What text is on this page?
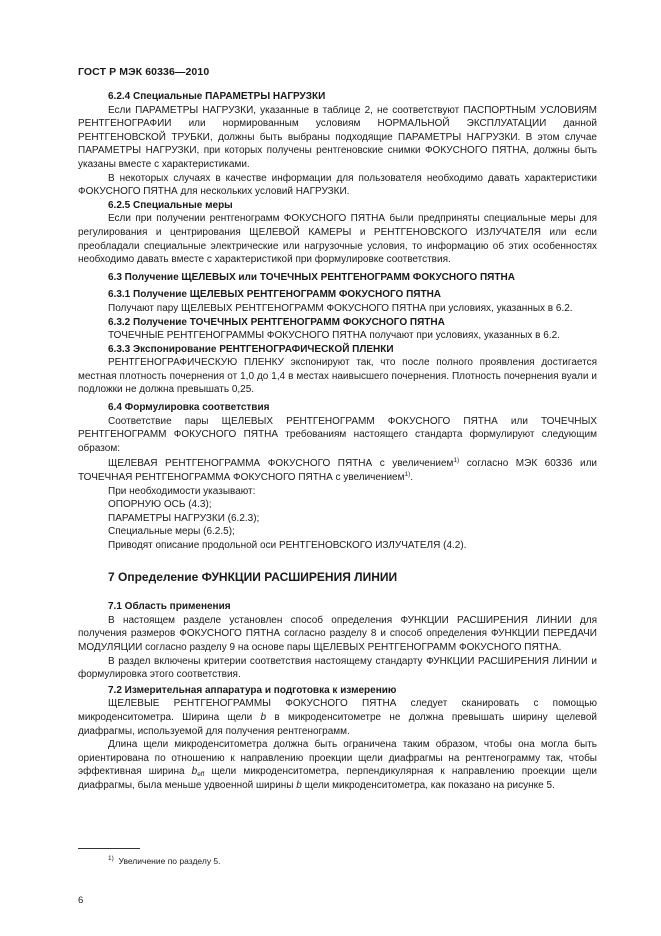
ГОСТ Р МЭК 60336—2010

6.2.4 Специальные ПАРАМЕТРЫ НАГРУЗКИ

Если ПАРАМЕТРЫ НАГРУЗКИ, указанные в таблице 2, не соответствуют ПАСПОРТНЫМ УСЛОВИЯМ РЕНТГЕНОГРАФИИ или нормированным условиям НОРМАЛЬНОЙ ЭКСПЛУАТАЦИИ данной РЕНТГЕНОВСКОЙ ТРУБКИ, должны быть выбраны подходящие ПАРАМЕТРЫ НАГРУЗКИ. В этом случае ПАРАМЕТРЫ НАГРУЗКИ, при которых получены рентгеновские снимки ФОКУСНОГО ПЯТНА, должны быть указаны вместе с характеристиками.

В некоторых случаях в качестве информации для пользователя необходимо давать характеристики ФОКУСНОГО ПЯТНА для нескольких условий НАГРУЗКИ.

6.2.5 Специальные меры

Если при получении рентгенограмм ФОКУСНОГО ПЯТНА были предприняты специальные меры для регулирования и центрирования ЩЕЛЕВОЙ КАМЕРЫ и РЕНТГЕНОВСКОГО ИЗЛУЧАТЕЛЯ или если преобладали специальные электрические или нагрузочные условия, то информацию об этих особенностях необходимо давать вместе с характеристикой при формулировке соответствия.

6.3 Получение ЩЕЛЕВЫХ или ТОЧЕЧНЫХ РЕНТГЕНОГРАММ ФОКУСНОГО ПЯТНА

6.3.1 Получение ЩЕЛЕВЫХ РЕНТГЕНОГРАММ ФОКУСНОГО ПЯТНА

Получают пару ЩЕЛЕВЫХ РЕНТГЕНОГРАММ ФОКУСНОГО ПЯТНА при условиях, указанных в 6.2.

6.3.2 Получение ТОЧЕЧНЫХ РЕНТГЕНОГРАММ ФОКУСНОГО ПЯТНА

ТОЧЕЧНЫЕ РЕНТГЕНОГРАММЫ ФОКУСНОГО ПЯТНА получают при условиях, указанных в 6.2.

6.3.3 Экспонирование РЕНТГЕНОГРАФИЧЕСКОЙ ПЛЕНКИ

РЕНТГЕНОГРАФИЧЕСКУЮ ПЛЕНКУ экспонируют так, что после полного проявления достигается местная плотность почернения от 1,0 до 1,4 в местах наивысшего почернения. Плотность почернения вуали и подложки не должна превышать 0,25.

6.4 Формулировка соответствия

Соответствие пары ЩЕЛЕВЫХ РЕНТГЕНОГРАММ ФОКУСНОГО ПЯТНА или ТОЧЕЧНЫХ РЕНТГЕНОГРАММ ФОКУСНОГО ПЯТНА требованиям настоящего стандарта формулируют следующим образом:

ЩЕЛЕВАЯ РЕНТГЕНОГРАММА ФОКУСНОГО ПЯТНА с увеличением$^{1)}$ согласно МЭК 60336 или ТОЧЕЧНАЯ РЕНТГЕНОГРАММА ФОКУСНОГО ПЯТНА с увеличением$^{1)}$.

При необходимости указывают:

ОПОРНУЮ ОСЬ (4.3);

ПАРАМЕТРЫ НАГРУЗКИ (6.2.3);

Специальные меры (6.2.5);

Приводят описание продольной оси РЕНТГЕНОВСКОГО ИЗЛУЧАТЕЛЯ (4.2).

7 Определение ФУНКЦИИ РАСШИРЕНИЯ ЛИНИИ

7.1 Область применения

В настоящем разделе установлен способ определения ФУНКЦИИ РАСШИРЕНИЯ ЛИНИИ для получения размеров ФОКУСНОГО ПЯТНА согласно разделу 8 и способ определения ФУНКЦИИ ПЕРЕДАЧИ МОДУЛЯЦИИ согласно разделу 9 на основе пары ЩЕЛЕВЫХ РЕНТГЕНОГРАММ ФОКУСНОГО ПЯТНА.

В раздел включены критерии соответствия настоящему стандарту ФУНКЦИИ РАСШИРЕНИЯ ЛИНИИ и формулировка этого соответствия.

7.2 Измерительная аппаратура и подготовка к измерению

ЩЕЛЕВЫЕ РЕНТГЕНОГРАММЫ ФОКУСНОГО ПЯТНА следует сканировать с помощью микроденситометра. Ширина щели b в микроденситометре не должна превышать ширину щелевой диафрагмы, используемой для получения рентгенограмм.

Длина щели микроденситометра должна быть ограничена таким образом, чтобы она могла быть ориентирована по отношению к направлению проекции щели диафрагмы на рентгенограмму так, чтобы эффективная ширина $b_{eff}$ щели микроденситометра, перпендикулярная к направлению проекции щели диафрагмы, была меньше удвоенной ширины b щели микроденситометра, как показано на рисунке 5.

$^{1)}$ Увеличение по разделу 5.
6
